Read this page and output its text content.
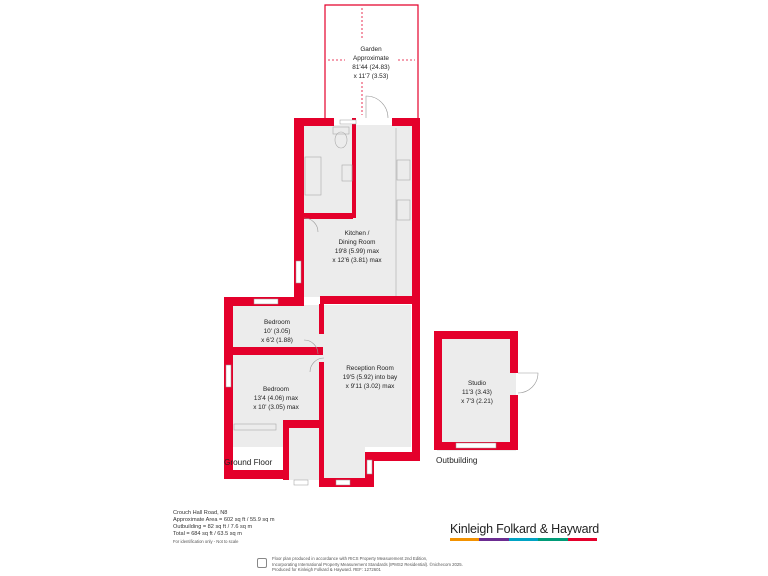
Garden
Approximate
81'44 (24.83)
x 11'7 (3.53)
Kitchen /
Dining Room
19'8 (5.99) max
x 12'6 (3.81) max
Bedroom
10' (3.05)
x 6'2 (1.88)
Bedroom
13'4 (4.06) max
x 10' (3.05) max
Reception Room
19'5 (5.92) into bay
x 9'11 (3.02) max	Studio
11'3 (3.43)
x 7'3 (2.21)
Ground Floor	Outbuilding
Crouch Hall Road, N8
Approximate Area = 602 sq ft / 55.9 sq m
Outbuilding = 82 sq ft / 7.6 sq m
Total = 684 sq ft / 63.5 sq m
For identification only - Not to scale
Kinleigh Folkard & Hayward
Floor plan produced in accordance with RICS Property Measurement 2nd Edition,
Incorporating International Property Measurement Standards (IPMS2 Residential). ©nichecom 2025.
Produced for Kinleigh Folkard & Hayward. REF: 1272601
